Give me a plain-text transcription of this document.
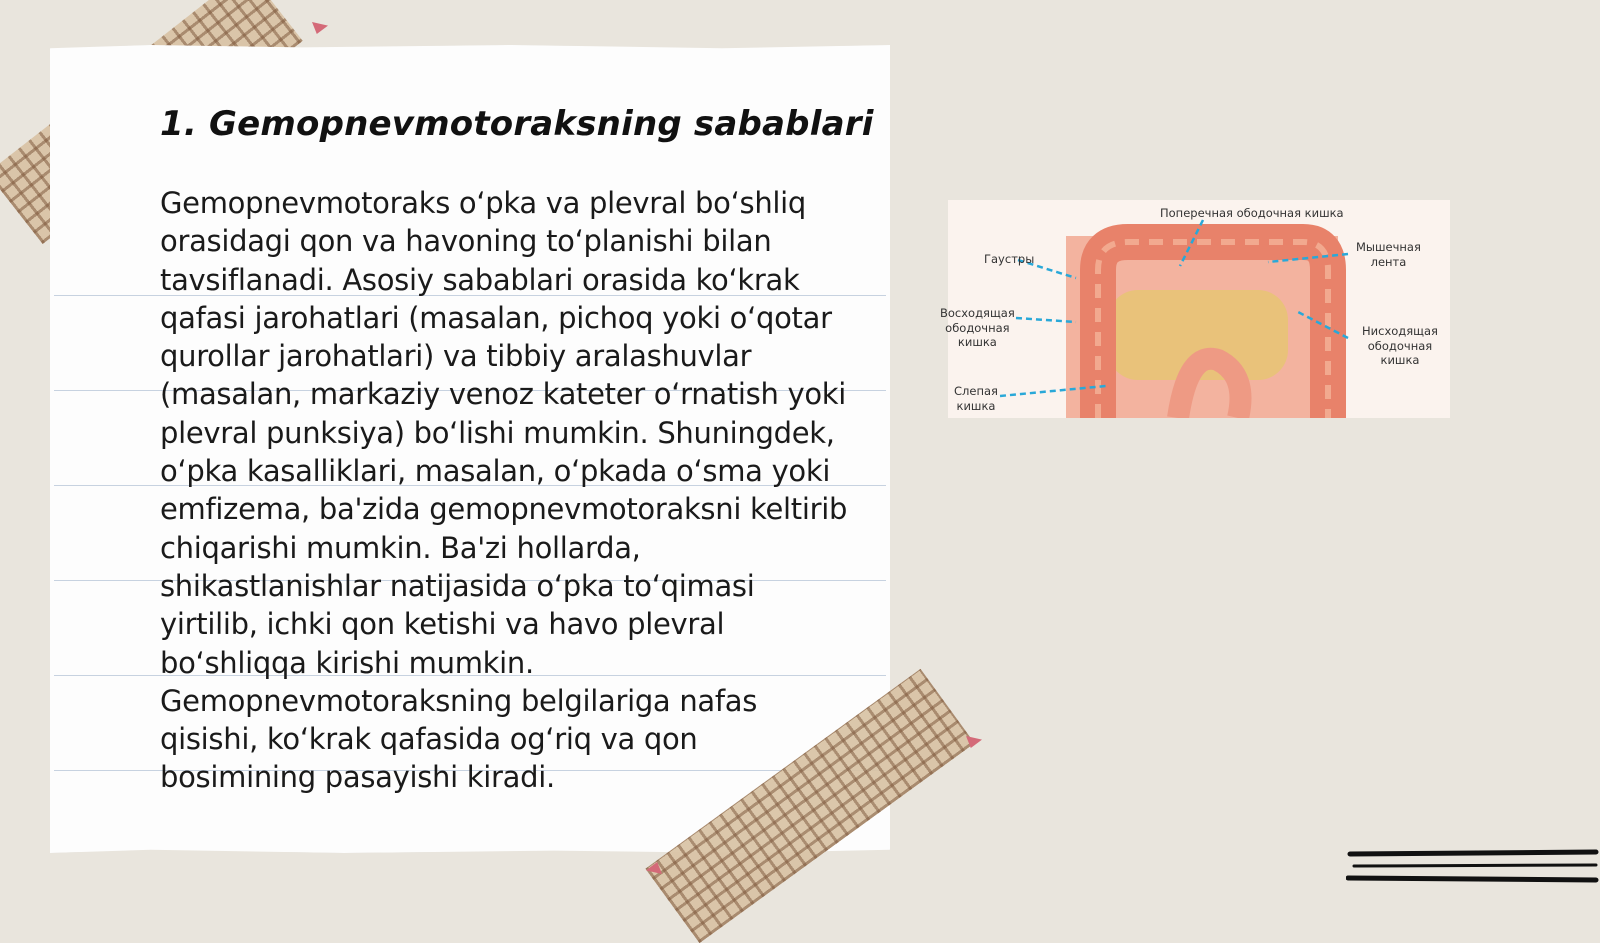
1. Gemopnevmotoraksning sabablari

Gemopnevmotoraks oʻpka va plevral boʻshliq orasidagi qon va havoning toʻplanishi bilan tavsiflanadi. Asosiy sabablari orasida koʻkrak qafasi jarohatlari (masalan, pichoq yoki oʻqotar qurollar jarohatlari) va tibbiy aralashuvlar (masalan, markaziy venoz kateter oʻrnatish yoki plevral punksiya) boʻlishi mumkin. Shuningdek, oʻpka kasalliklari, masalan, oʻpkada oʻsma yoki emfizema, ba'zida gemopnevmotoraksni keltirib chiqarishi mumkin. Ba'zi hollarda, shikastlanishlar natijasida oʻpka toʻqimasi yirtilib, ichki qon ketishi va havo plevral boʻshliqqa kirishi mumkin. Gemopnevmotoraksning belgilariga nafas qisishi, koʻkrak qafasida ogʻriq va qon bosimining pasayishi kiradi.

Поперечная ободочная кишка
Гаустры
Мышечная
лента
Восходящая
ободочная
кишка
Нисходящая
ободочная
кишка
Слепая
кишка
